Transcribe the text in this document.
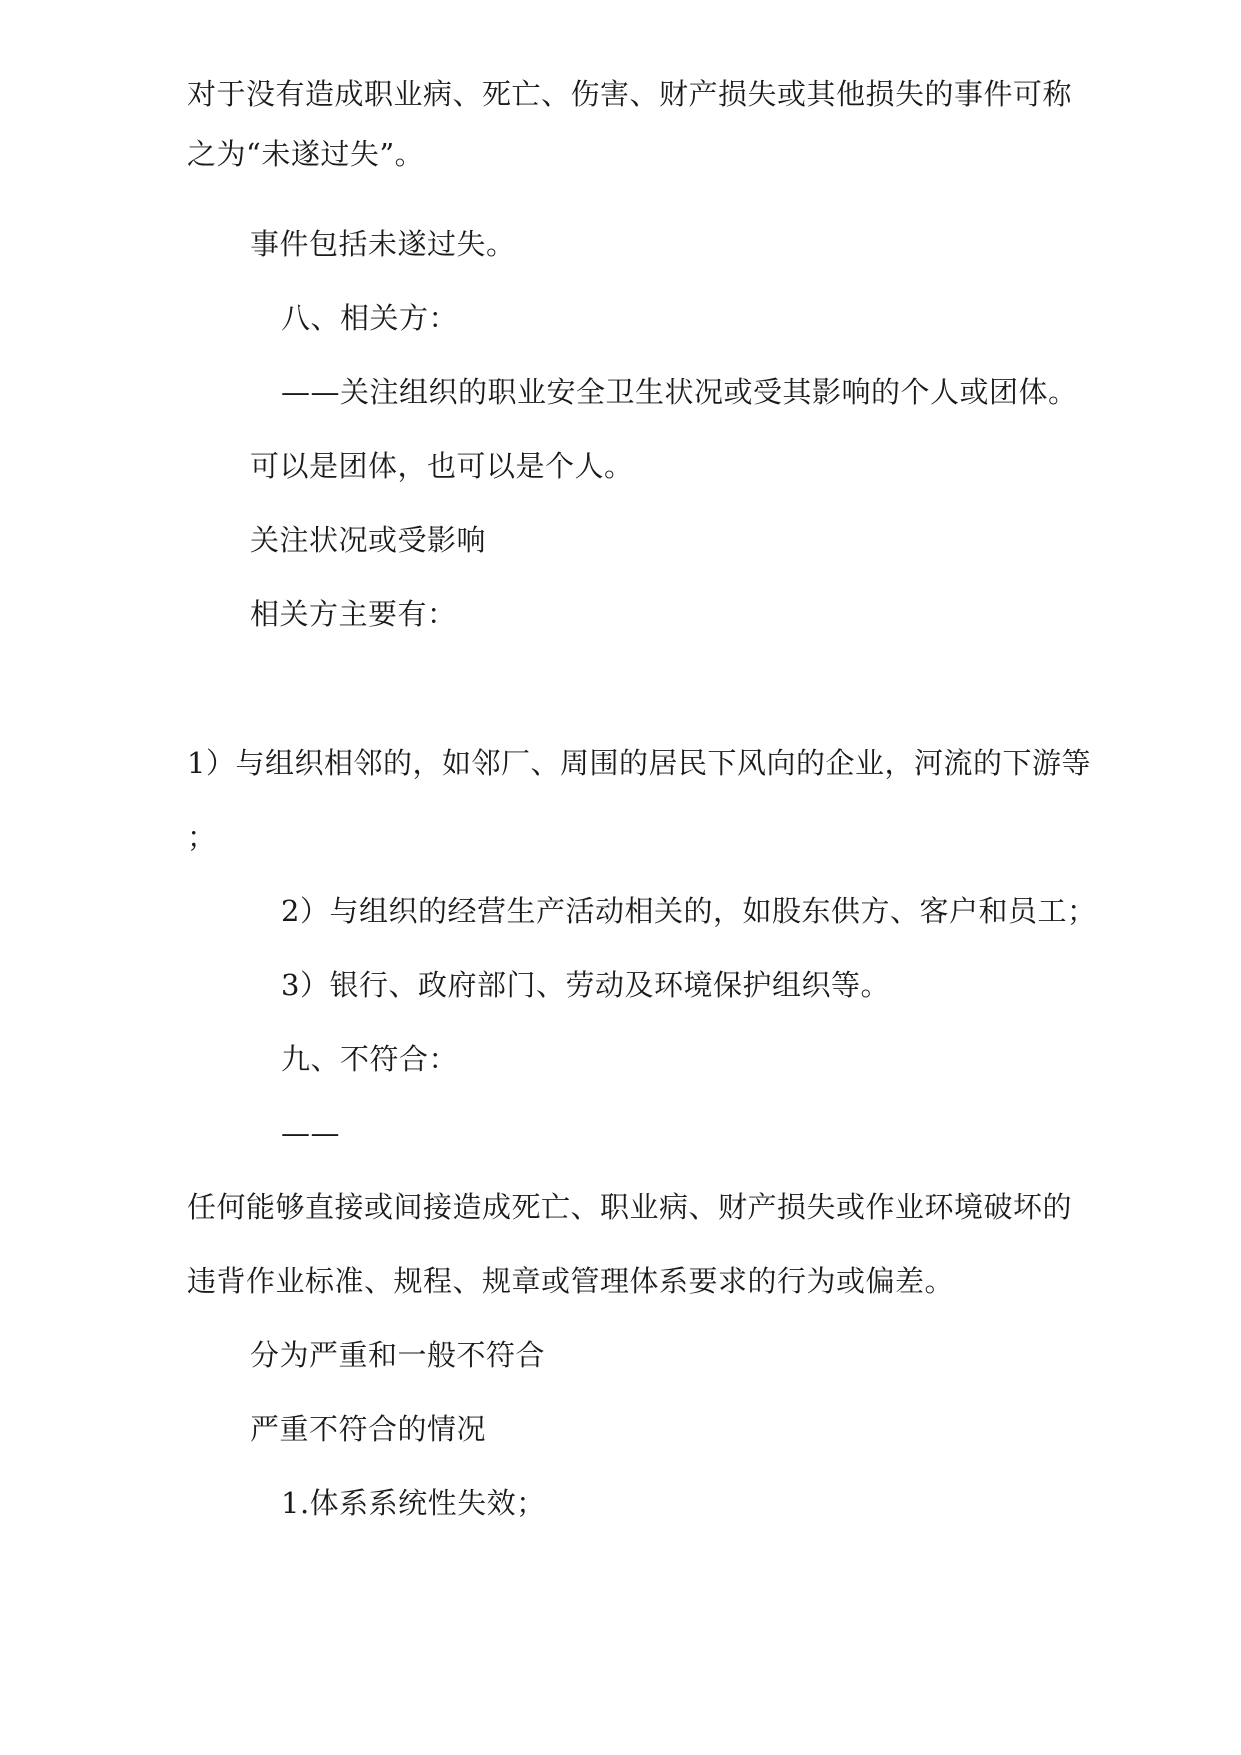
对于没有造成职业病、死亡、伤害、财产损失或其他损失的事件可称
之为“未遂过失”。
事件包括未遂过失。
八、相关方：
——关注组织的职业安全卫生状况或受其影响的个人或团体。
可以是团体，也可以是个人。
关注状况或受影响
相关方主要有：
1）与组织相邻的，如邻厂、周围的居民下风向的企业，河流的下游等
；
2）与组织的经营生产活动相关的，如股东供方、客户和员工；
3）银行、政府部门、劳动及环境保护组织等。
九、不符合：
——
任何能够直接或间接造成死亡、职业病、财产损失或作业环境破坏的
违背作业标准、规程、规章或管理体系要求的行为或偏差。
分为严重和一般不符合
严重不符合的情况
1.体系系统性失效；
